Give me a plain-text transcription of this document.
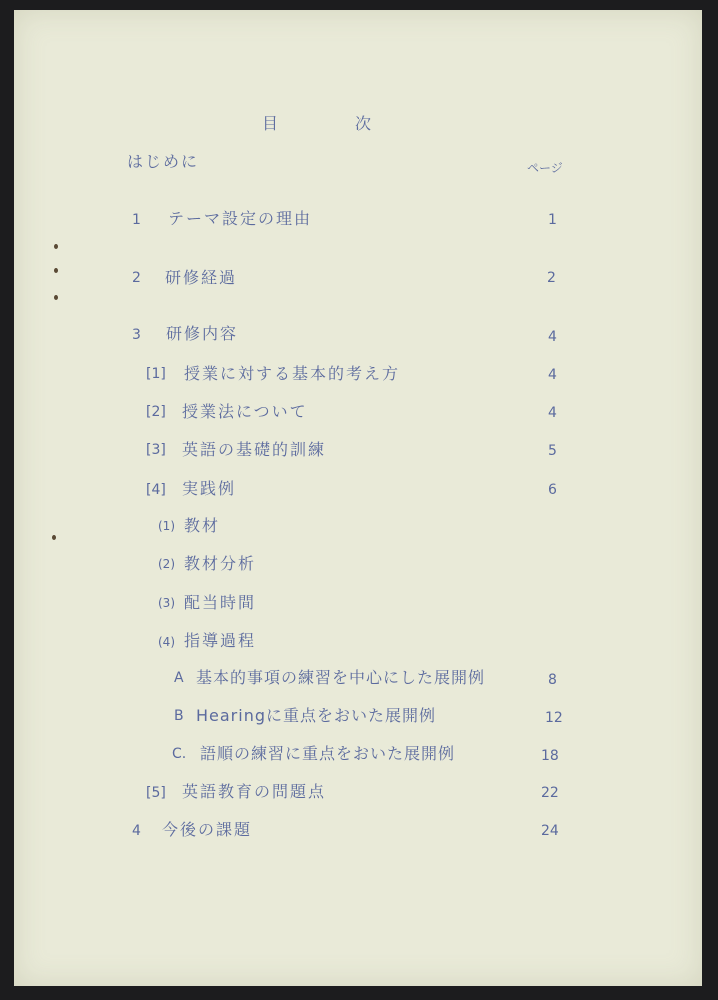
目	次
はじめに	ページ
1 テーマ設定の理由	1
2 研修経過	2
3 研修内容	4
[1] 授業に対する基本的考え方	4
[2] 授業法について	4
[3] 英語の基礎的訓練	5
[4] 実践例	6
(1) 教材
(2) 教材分析
(3) 配当時間
(4) 指導過程
A 基本的事項の練習を中心にした展開例	8
B Hearingに重点をおいた展開例	12
C. 語順の練習に重点をおいた展開例	18
[5] 英語教育の問題点	22
4 今後の課題	24
